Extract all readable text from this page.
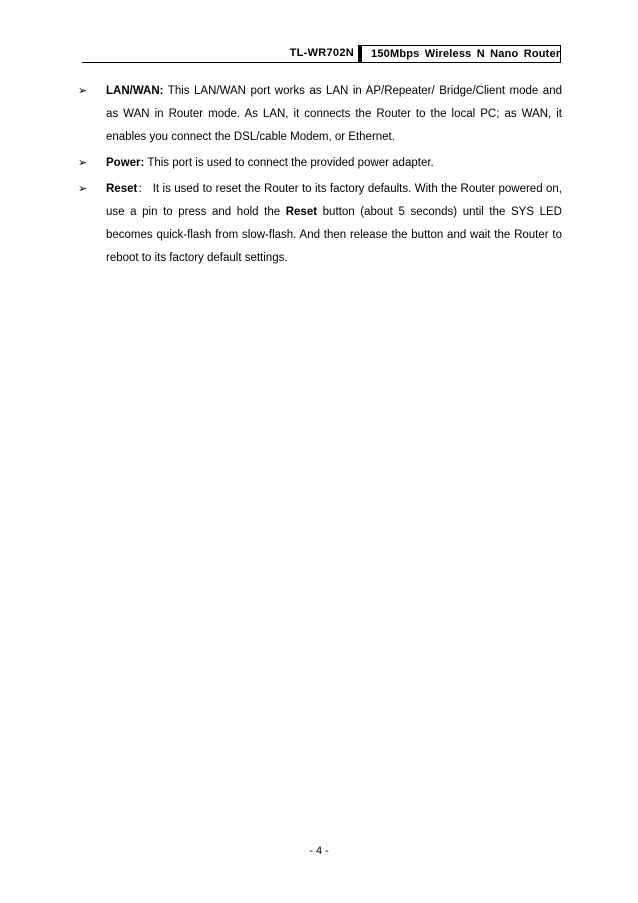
TL-WR702N 150Mbps Wireless N Nano Router
➢ LAN/WAN: This LAN/WAN port works as LAN in AP/Repeater/ Bridge/Client mode and as WAN in Router mode. As LAN, it connects the Router to the local PC; as WAN, it enables you connect the DSL/cable Modem, or Ethernet.
➢ Power: This port is used to connect the provided power adapter.
➢ Reset： It is used to reset the Router to its factory defaults. With the Router powered on, use a pin to press and hold the Reset button (about 5 seconds) until the SYS LED becomes quick-flash from slow-flash. And then release the button and wait the Router to reboot to its factory default settings.
- 4 -
